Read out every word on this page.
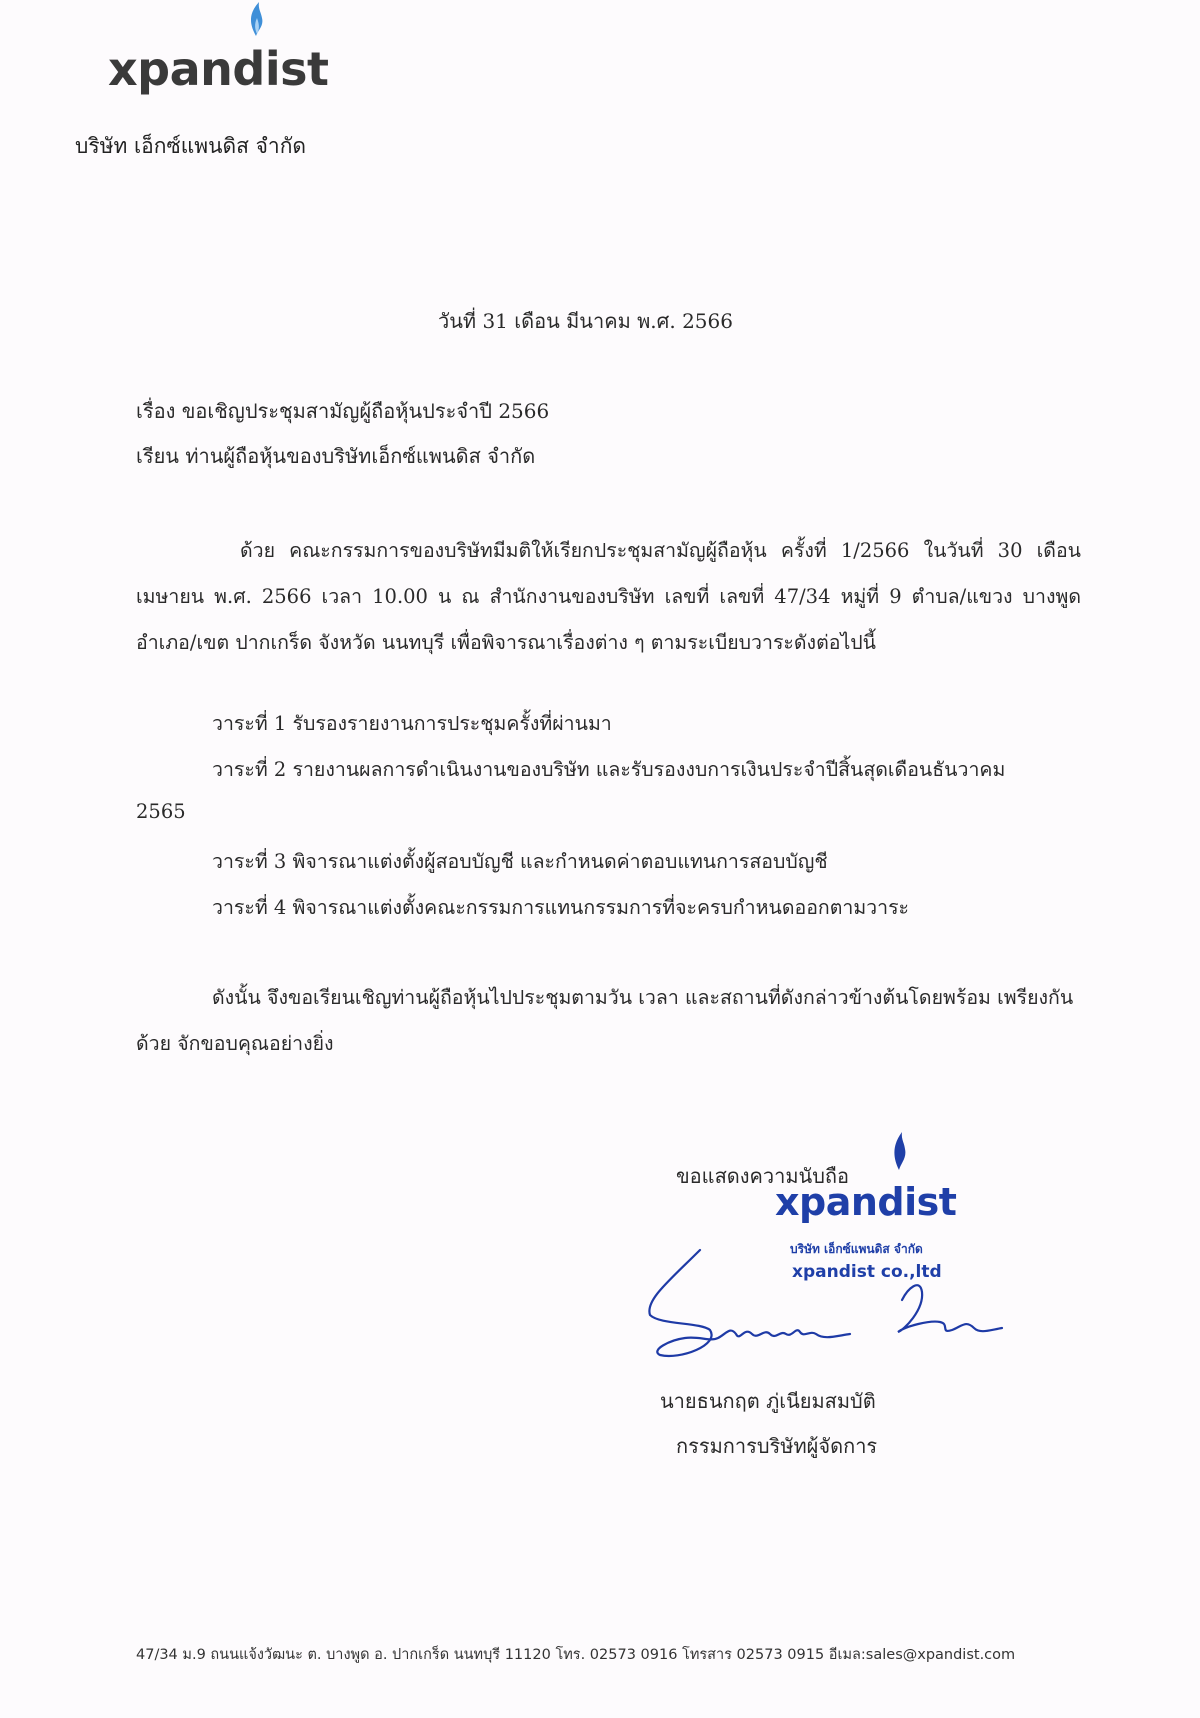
xpandist
บริษัท เอ็กซ์แพนดิส จำกัด
วันที่ 31 เดือน มีนาคม พ.ศ. 2566
เรื่อง ขอเชิญประชุมสามัญผู้ถือหุ้นประจำปี 2566
เรียน ท่านผู้ถือหุ้นของบริษัทเอ็กซ์แพนดิส จำกัด
ด้วย คณะกรรมการของบริษัทมีมติให้เรียกประชุมสามัญผู้ถือหุ้น ครั้งที่ 1/2566 ในวันที่ 30 เดือน เมษายน พ.ศ. 2566 เวลา 10.00 น ณ สำนักงานของบริษัท เลขที่ เลขที่ 47/34 หมู่ที่ 9 ตำบล/แขวง บางพูด อำเภอ/เขต ปากเกร็ด จังหวัด นนทบุรี เพื่อพิจารณาเรื่องต่าง ๆ ตามระเบียบวาระดังต่อไปนี้
วาระที่ 1 รับรองรายงานการประชุมครั้งที่ผ่านมา
วาระที่ 2 รายงานผลการดำเนินงานของบริษัท และรับรองงบการเงินประจำปีสิ้นสุดเดือนธันวาคม
2565
วาระที่ 3 พิจารณาแต่งตั้งผู้สอบบัญชี และกำหนดค่าตอบแทนการสอบบัญชี
วาระที่ 4 พิจารณาแต่งตั้งคณะกรรมการแทนกรรมการที่จะครบกำหนดออกตามวาระ
ดังนั้น จึงขอเรียนเชิญท่านผู้ถือหุ้นไปประชุมตามวัน เวลา และสถานที่ดังกล่าวข้างต้นโดยพร้อม เพรียงกันด้วย จักขอบคุณอย่างยิ่ง
ขอแสดงความนับถือ
xpandist
บริษัท เอ็กซ์แพนดิส จำกัด
xpandist co.,ltd
นายธนกฤต ภู่เนียมสมบัติ
กรรมการบริษัทผู้จัดการ
47/34 ม.9 ถนนแจ้งวัฒนะ ต. บางพูด อ. ปากเกร็ด นนทบุรี 11120 โทร. 02573 0916 โทรสาร 02573 0915 อีเมล:sales@xpandist.com
